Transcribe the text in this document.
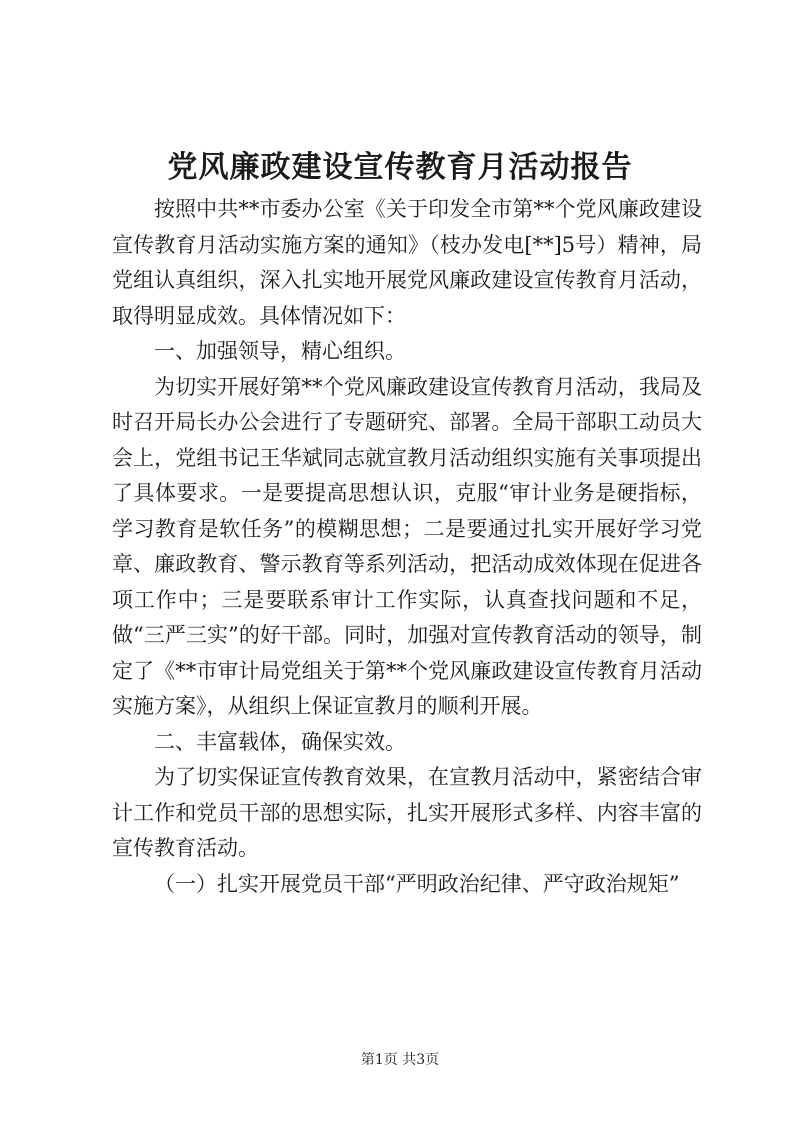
党风廉政建设宣传教育月活动报告

按照中共**市委办公室《关于印发全市第**个党风廉政建设宣传教育月活动实施方案的通知》（枝办发电[**]5号）精神，局党组认真组织，深入扎实地开展党风廉政建设宣传教育月活动，取得明显成效。具体情况如下：

一、加强领导，精心组织。

为切实开展好第**个党风廉政建设宣传教育月活动，我局及时召开局长办公会进行了专题研究、部署。全局干部职工动员大会上，党组书记王华斌同志就宣教月活动组织实施有关事项提出了具体要求。一是要提高思想认识，克服“审计业务是硬指标，学习教育是软任务”的模糊思想；二是要通过扎实开展好学习党章、廉政教育、警示教育等系列活动，把活动成效体现在促进各项工作中；三是要联系审计工作实际，认真查找问题和不足，做“三严三实”的好干部。同时，加强对宣传教育活动的领导，制定了《**市审计局党组关于第**个党风廉政建设宣传教育月活动实施方案》，从组织上保证宣教月的顺利开展。

二、丰富载体，确保实效。

为了切实保证宣传教育效果，在宣教月活动中，紧密结合审计工作和党员干部的思想实际，扎实开展形式多样、内容丰富的宣传教育活动。

（一）扎实开展党员干部“严明政治纪律、严守政治规矩”

第1页 共3页
